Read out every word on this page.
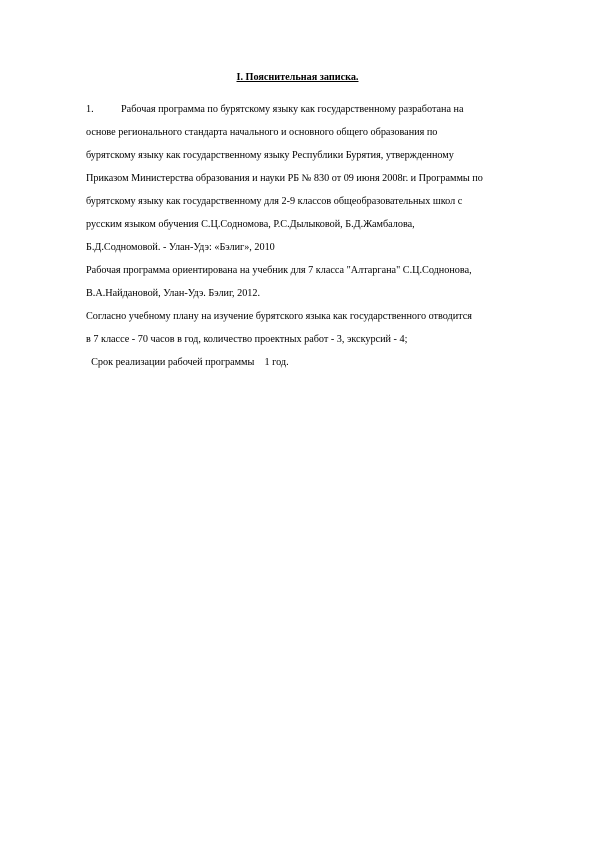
I. Пояснительная записка.
1.	Рабочая программа по бурятскому языку как государственному разработана на
основе регионального стандарта начального и основного общего образования по
бурятскому языку как государственному языку Республики Бурятия, утвержденному
Приказом Министерства образования и науки РБ № 830 от 09 июня 2008г. и Программы по
бурятскому языку как государственному для 2-9 классов общеобразовательных школ с
русским языком обучения С.Ц.Содномова, Р.С.Дылыковой, Б.Д.Жамбалова,
Б.Д.Содномовой. - Улан-Удэ: «Бэлиг», 2010
Рабочая программа ориентирована на учебник для 7 класса "Алтаргана" С.Ц.Соднонова,
В.А.Найдановой, Улан-Удэ. Бэлиг, 2012.
Согласно учебному плану на изучение бурятского языка как государственного отводится
в 7 классе - 70 часов в год, количество проектных работ - 3, экскурсий - 4;
Срок реализации рабочей программы    1 год.
